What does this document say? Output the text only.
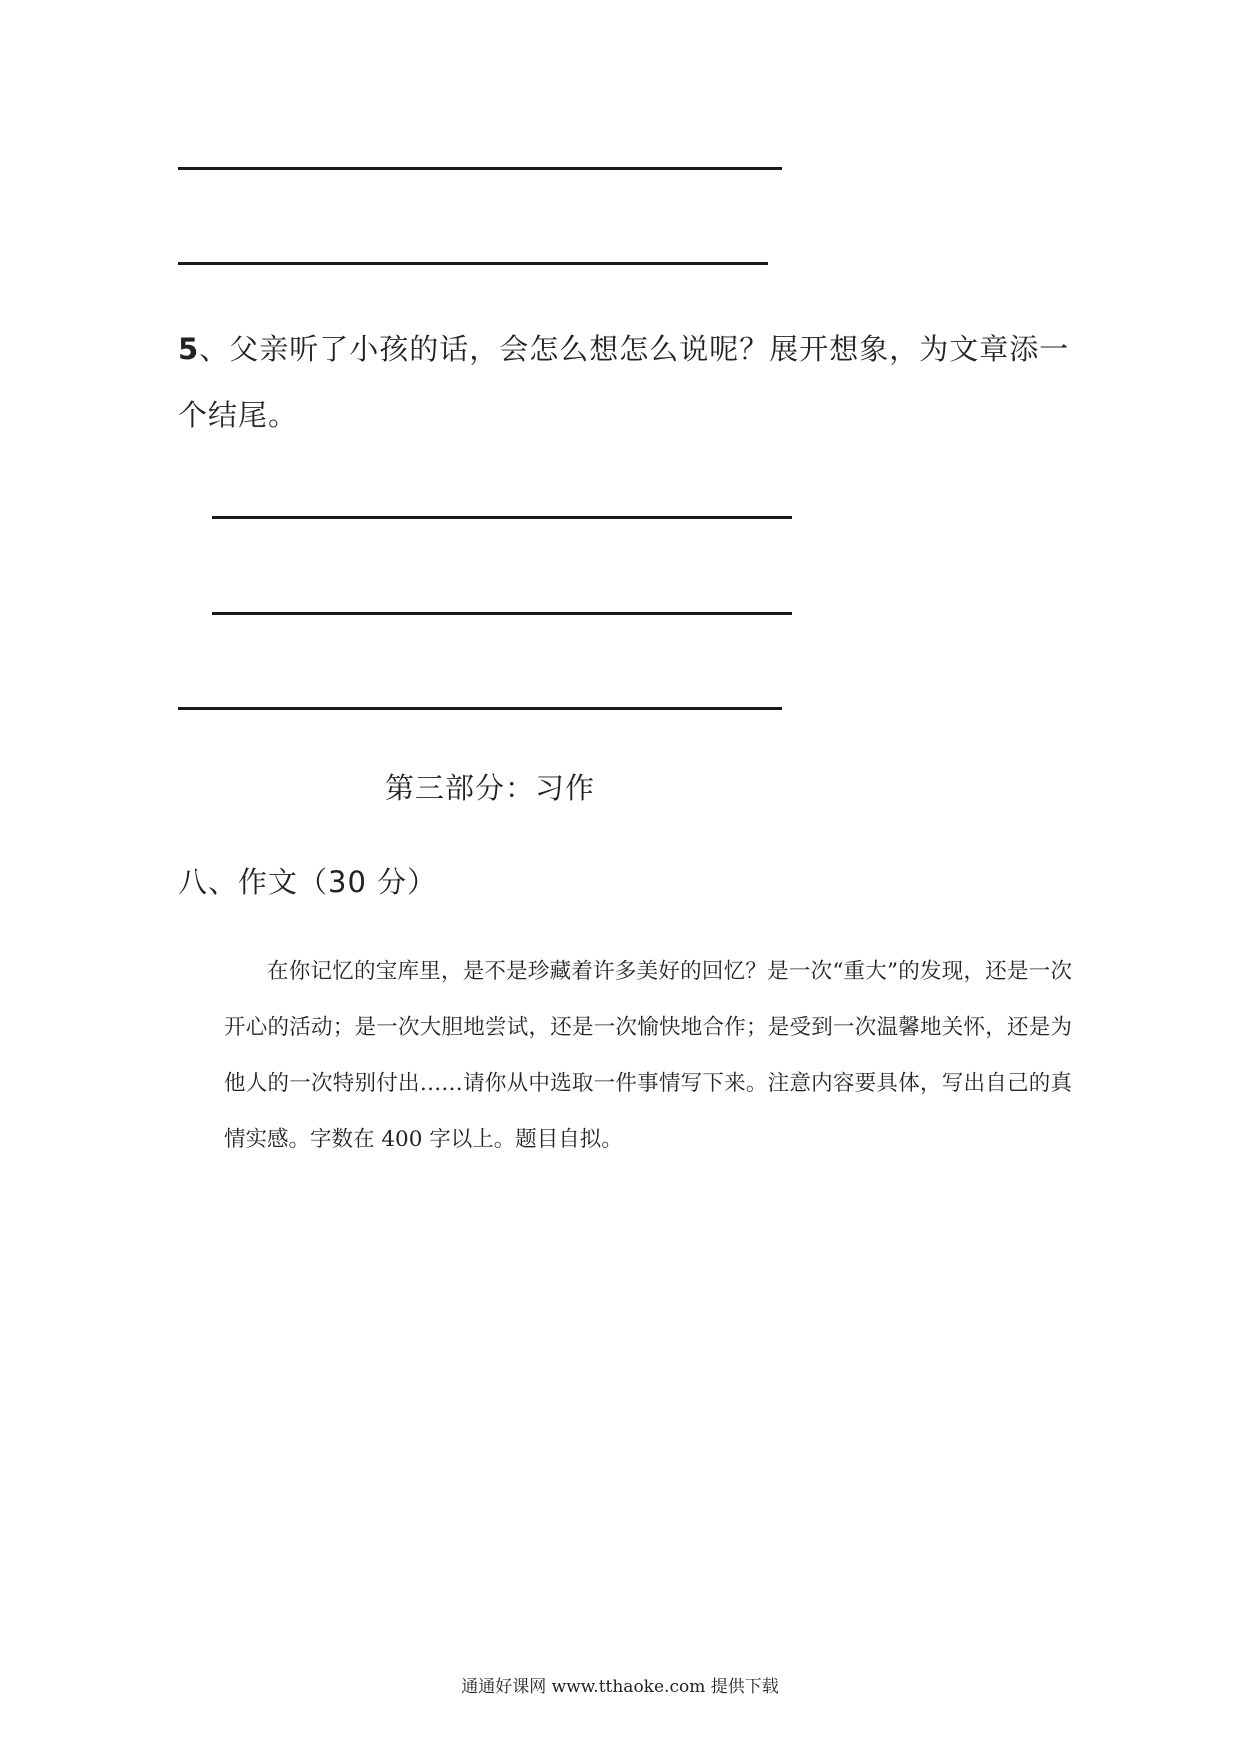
5、父亲听了小孩的话，会怎么想怎么说呢？展开想象，为文章添一个结尾。
第三部分：习作
八、作文（30 分）

在你记忆的宝库里，是不是珍藏着许多美好的回忆？是一次“重大”的发现，还是一次开心的活动；是一次大胆地尝试，还是一次愉快地合作；是受到一次温馨地关怀，还是为他人的一次特别付出……请你从中选取一件事情写下来。注意内容要具体，写出自己的真情实感。字数在 400 字以上。题目自拟。

通通好课网 www.tthaoke.com 提供下载
